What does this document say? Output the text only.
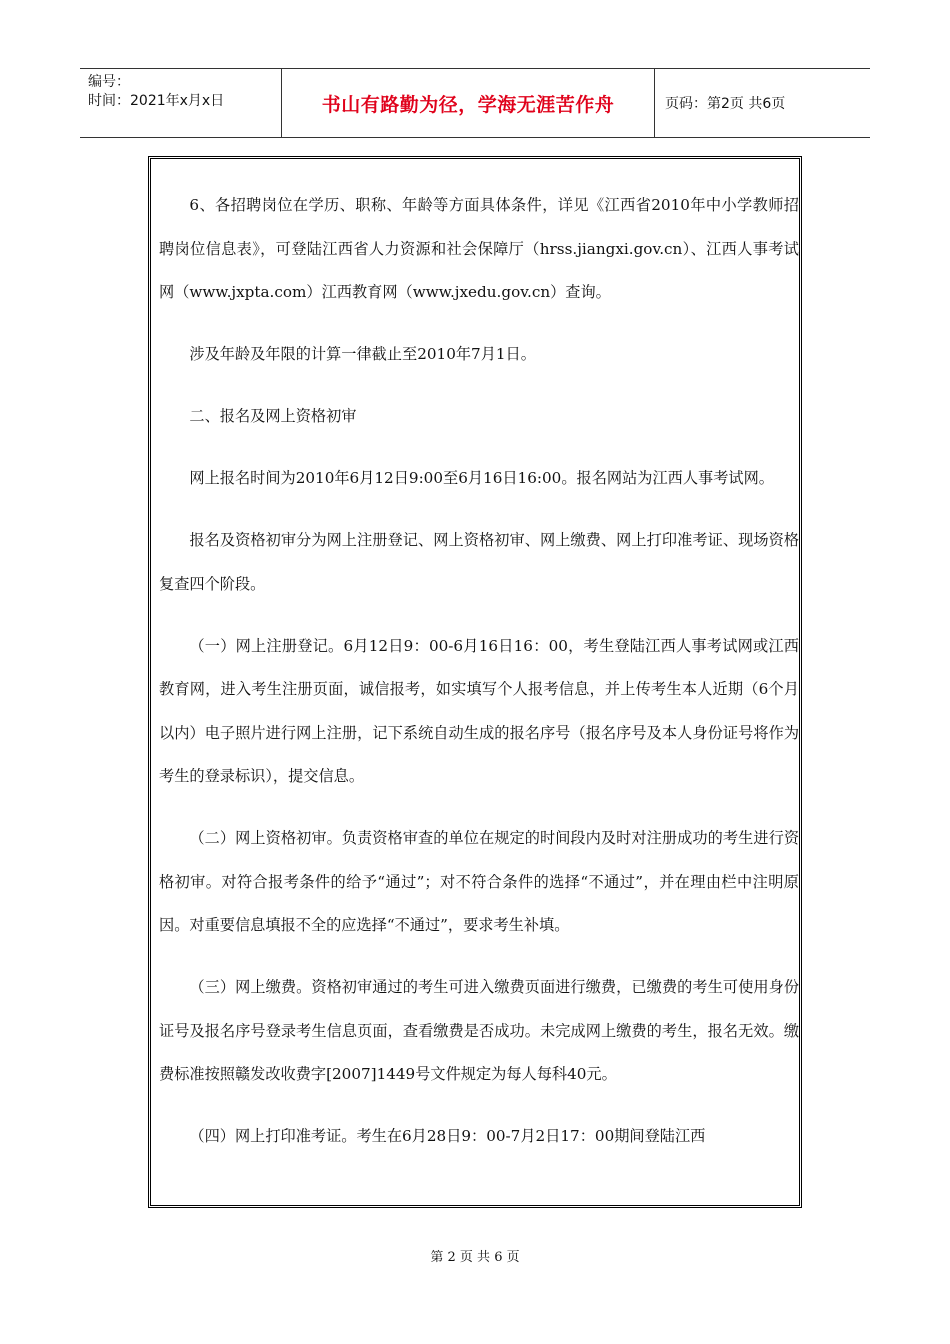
编号：
时间：2021年x月x日	书山有路勤为径，学海无涯苦作舟	页码：第2页 共6页

6、各招聘岗位在学历、职称、年龄等方面具体条件，详见《江西省2010年中小学教师招聘岗位信息表》，可登陆江西省人力资源和社会保障厅（hrss.jiangxi.gov.cn）、江西人事考试网（www.jxpta.com）江西教育网（www.jxedu.gov.cn）查询。

涉及年龄及年限的计算一律截止至2010年7月1日。

二、报名及网上资格初审

网上报名时间为2010年6月12日9:00至6月16日16:00。报名网站为江西人事考试网。

报名及资格初审分为网上注册登记、网上资格初审、网上缴费、网上打印准考证、现场资格复查四个阶段。

（一）网上注册登记。6月12日9：00-6月16日16：00，考生登陆江西人事考试网或江西教育网，进入考生注册页面，诚信报考，如实填写个人报考信息，并上传考生本人近期（6个月以内）电子照片进行网上注册，记下系统自动生成的报名序号（报名序号及本人身份证号将作为考生的登录标识），提交信息。

（二）网上资格初审。负责资格审查的单位在规定的时间段内及时对注册成功的考生进行资格初审。对符合报考条件的给予“通过”；对不符合条件的选择“不通过”，并在理由栏中注明原因。对重要信息填报不全的应选择“不通过”，要求考生补填。

（三）网上缴费。资格初审通过的考生可进入缴费页面进行缴费，已缴费的考生可使用身份证号及报名序号登录考生信息页面，查看缴费是否成功。未完成网上缴费的考生，报名无效。缴费标准按照赣发改收费字[2007]1449号文件规定为每人每科40元。

（四）网上打印准考证。考生在6月28日9：00-7月2日17：00期间登陆江西

第 2 页 共 6 页
